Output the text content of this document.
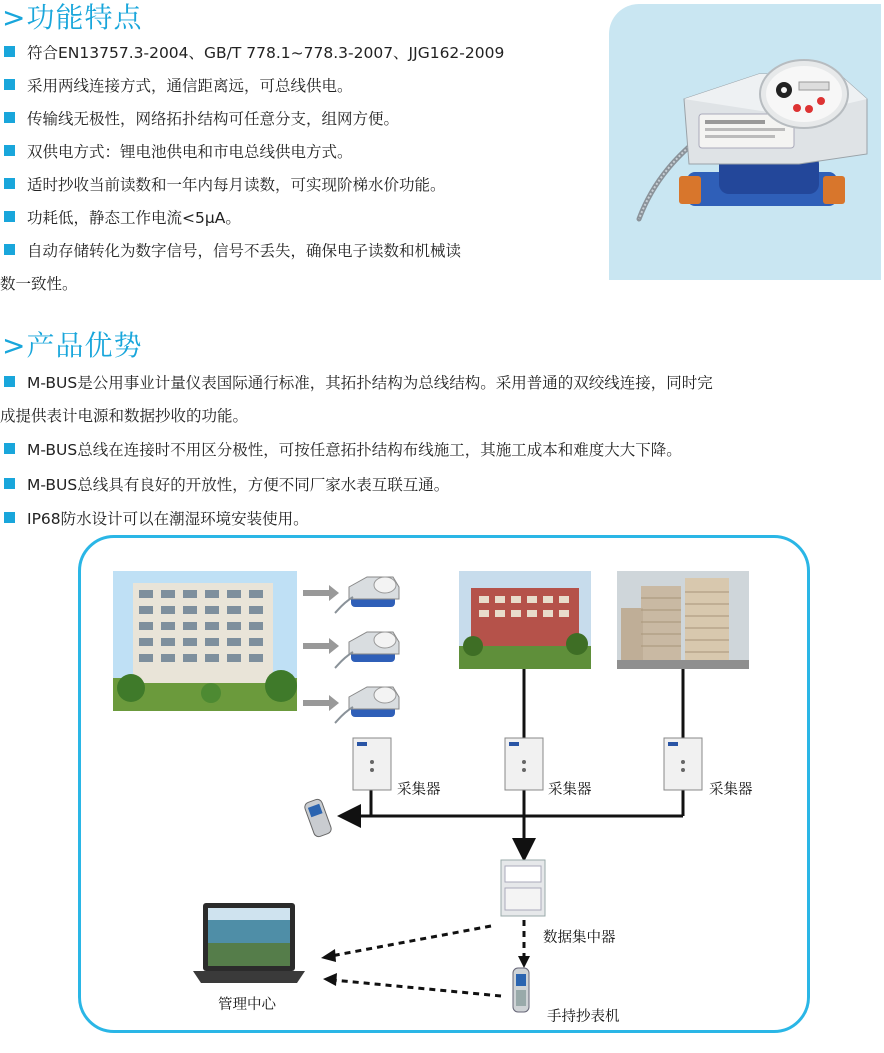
>功能特点
符合EN13757.3-2004、GB/T 778.1~778.3-2007、JJG162-2009
采用两线连接方式，通信距离远，可总线供电。
传输线无极性，网络拓扑结构可任意分支，组网方便。
双供电方式：锂电池供电和市电总线供电方式。
适时抄收当前读数和一年内每月读数，可实现阶梯水价功能。
功耗低，静态工作电流<5μA。
自动存储转化为数字信号，信号不丢失，确保电子读数和机械读
数一致性。
>产品优势
M-BUS是公用事业计量仪表国际通行标准，其拓扑结构为总线结构。采用普通的双绞线连接，同时完
成提供表计电源和数据抄收的功能。
M-BUS总线在连接时不用区分极性，可按任意拓扑结构布线施工，其施工成本和难度大大下降。
M-BUS总线具有良好的开放性，方便不同厂家水表互联互通。
IP68防水设计可以在潮湿环境安装使用。
采集器	采集器	采集器
数据集中器
管理中心
手持抄表机
